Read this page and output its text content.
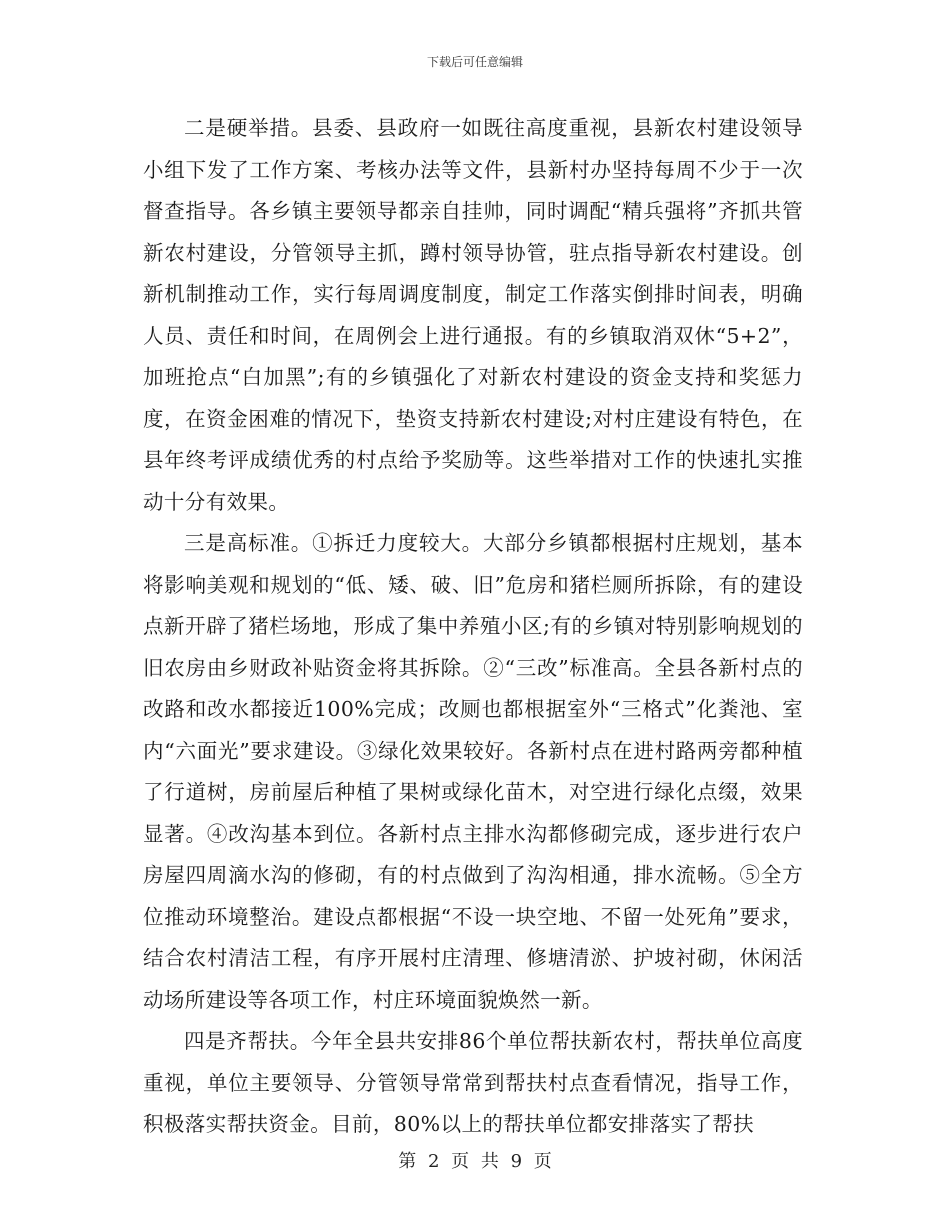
下载后可任意编辑

二是硬举措。县委、县政府一如既往高度重视，县新农村建设领导小组下发了工作方案、考核办法等文件，县新村办坚持每周不少于一次督查指导。各乡镇主要领导都亲自挂帅，同时调配“精兵强将”齐抓共管新农村建设，分管领导主抓，蹲村领导协管，驻点指导新农村建设。创新机制推动工作，实行每周调度制度，制定工作落实倒排时间表，明确人员、责任和时间，在周例会上进行通报。有的乡镇取消双休“5+2”，加班抢点“白加黑”;有的乡镇强化了对新农村建设的资金支持和奖惩力度，在资金困难的情况下，垫资支持新农村建设;对村庄建设有特色，在县年终考评成绩优秀的村点给予奖励等。这些举措对工作的快速扎实推动十分有效果。

三是高标准。①拆迁力度较大。大部分乡镇都根据村庄规划，基本将影响美观和规划的“低、矮、破、旧”危房和猪栏厕所拆除，有的建设点新开辟了猪栏场地，形成了集中养殖小区;有的乡镇对特别影响规划的旧农房由乡财政补贴资金将其拆除。②“三改”标准高。全县各新村点的改路和改水都接近100%完成；改厕也都根据室外“三格式”化粪池、室内“六面光”要求建设。③绿化效果较好。各新村点在进村路两旁都种植了行道树，房前屋后种植了果树或绿化苗木，对空进行绿化点缀，效果显著。④改沟基本到位。各新村点主排水沟都修砌完成，逐步进行农户房屋四周滴水沟的修砌，有的村点做到了沟沟相通，排水流畅。⑤全方位推动环境整治。建设点都根据“不设一块空地、不留一处死角”要求，结合农村清洁工程，有序开展村庄清理、修塘清淤、护坡衬砌，休闲活动场所建设等各项工作，村庄环境面貌焕然一新。

四是齐帮扶。今年全县共安排86个单位帮扶新农村，帮扶单位高度重视，单位主要领导、分管领导常常到帮扶村点查看情况，指导工作，积极落实帮扶资金。目前，80%以上的帮扶单位都安排落实了帮扶

第 2 页 共 9 页
